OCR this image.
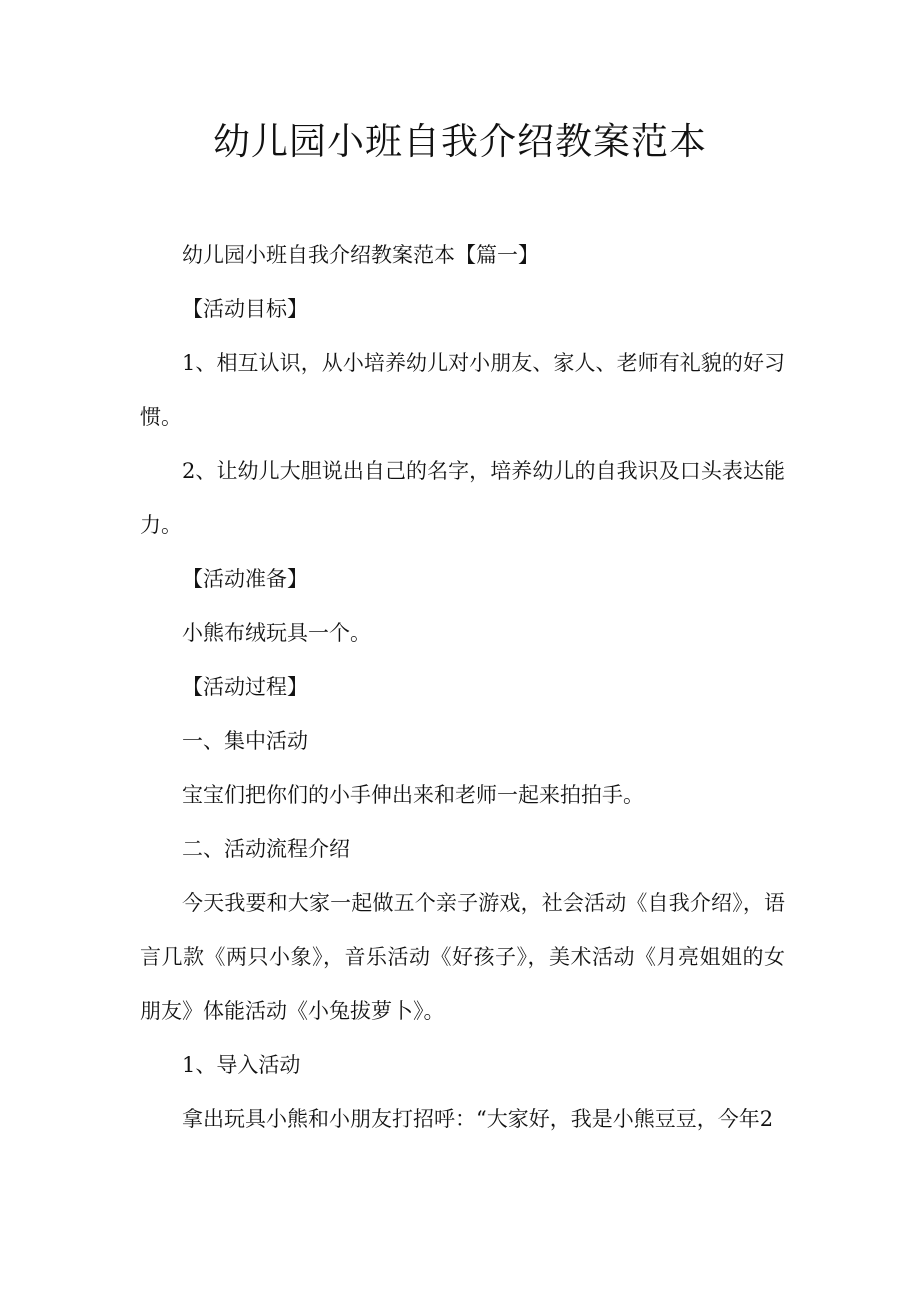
幼儿园小班自我介绍教案范本

幼儿园小班自我介绍教案范本【篇一】

【活动目标】

1、相互认识，从小培养幼儿对小朋友、家人、老师有礼貌的好习惯。

2、让幼儿大胆说出自己的名字，培养幼儿的自我识及口头表达能力。

【活动准备】

小熊布绒玩具一个。

【活动过程】

一、集中活动

宝宝们把你们的小手伸出来和老师一起来拍拍手。

二、活动流程介绍

今天我要和大家一起做五个亲子游戏，社会活动《自我介绍》，语言几款《两只小象》，音乐活动《好孩子》，美术活动《月亮姐姐的女朋友》体能活动《小兔拔萝卜》。

1、导入活动

拿出玩具小熊和小朋友打招呼：“大家好，我是小熊豆豆，今年2
